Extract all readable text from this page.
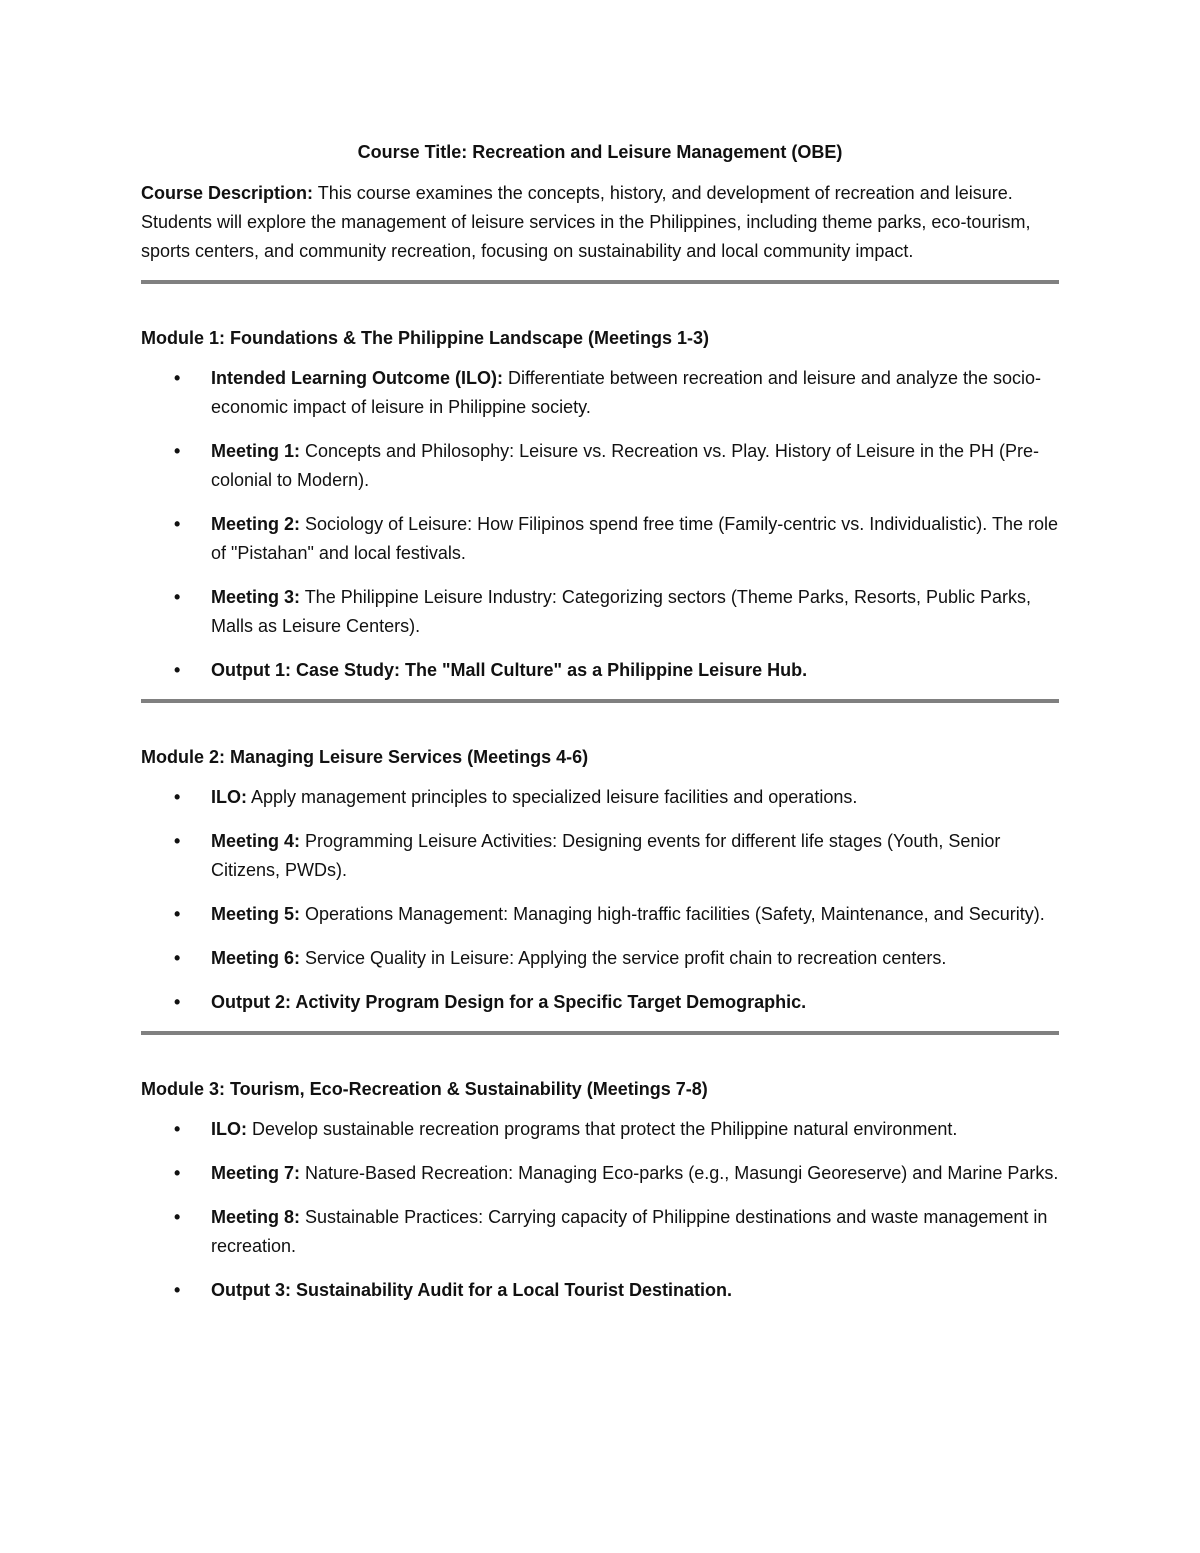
Course Title: Recreation and Leisure Management (OBE)

Course Description: This course examines the concepts, history, and development of recreation and leisure. Students will explore the management of leisure services in the Philippines, including theme parks, eco-tourism, sports centers, and community recreation, focusing on sustainability and local community impact.

Module 1: Foundations & The Philippine Landscape (Meetings 1-3)
• Intended Learning Outcome (ILO): Differentiate between recreation and leisure and analyze the socio-economic impact of leisure in Philippine society.
• Meeting 1: Concepts and Philosophy: Leisure vs. Recreation vs. Play. History of Leisure in the PH (Pre-colonial to Modern).
• Meeting 2: Sociology of Leisure: How Filipinos spend free time (Family-centric vs. Individualistic). The role of "Pistahan" and local festivals.
• Meeting 3: The Philippine Leisure Industry: Categorizing sectors (Theme Parks, Resorts, Public Parks, Malls as Leisure Centers).
• Output 1: Case Study: The "Mall Culture" as a Philippine Leisure Hub.
Module 2: Managing Leisure Services (Meetings 4-6)
• ILO: Apply management principles to specialized leisure facilities and operations.
• Meeting 4: Programming Leisure Activities: Designing events for different life stages (Youth, Senior Citizens, PWDs).
• Meeting 5: Operations Management: Managing high-traffic facilities (Safety, Maintenance, and Security).
• Meeting 6: Service Quality in Leisure: Applying the service profit chain to recreation centers.
• Output 2: Activity Program Design for a Specific Target Demographic.
Module 3: Tourism, Eco-Recreation & Sustainability (Meetings 7-8)
• ILO: Develop sustainable recreation programs that protect the Philippine natural environment.
• Meeting 7: Nature-Based Recreation: Managing Eco-parks (e.g., Masungi Georeserve) and Marine Parks.
• Meeting 8: Sustainable Practices: Carrying capacity of Philippine destinations and waste management in recreation.
• Output 3: Sustainability Audit for a Local Tourist Destination.
